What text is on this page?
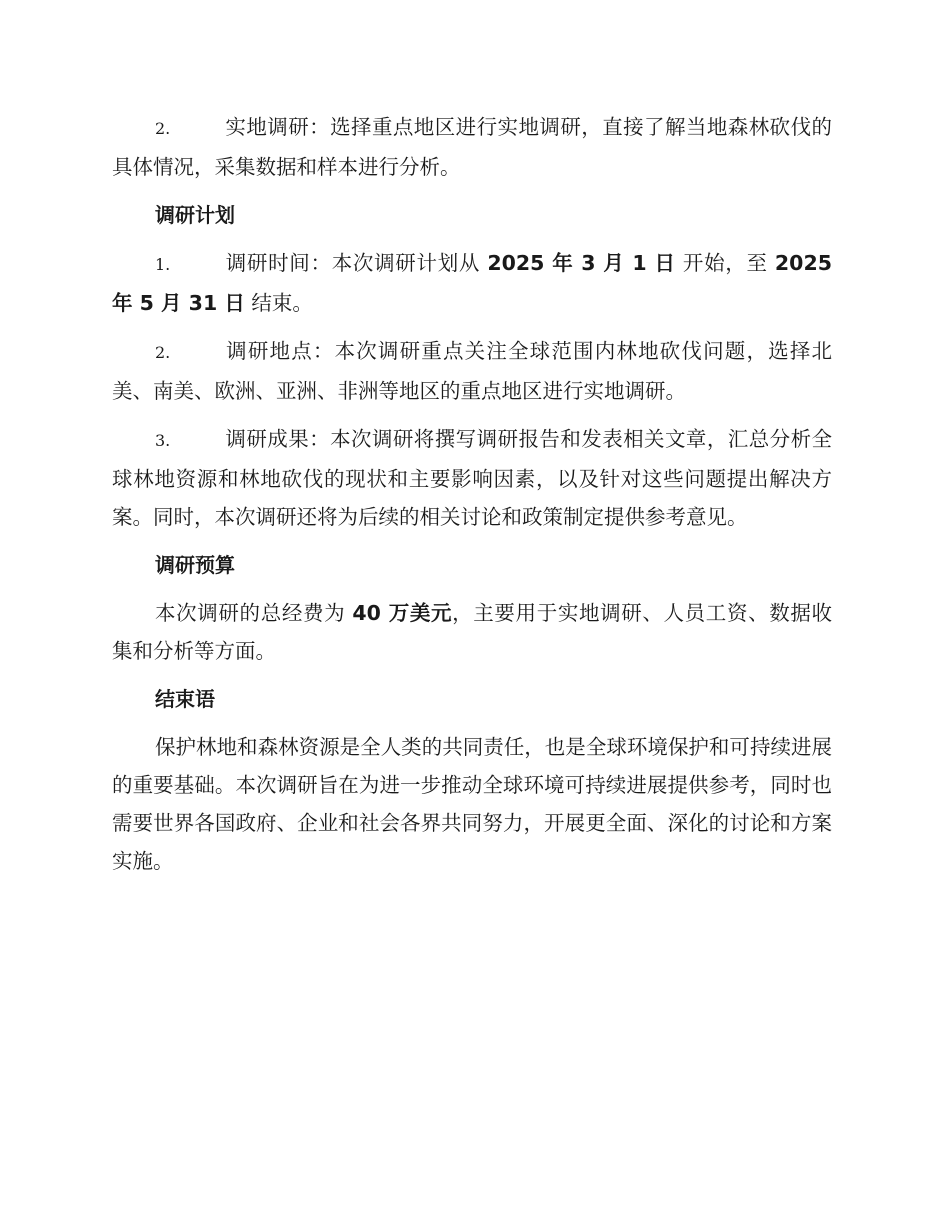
2.	实地调研：选择重点地区进行实地调研，直接了解当地森林砍伐的具体情况，采集数据和样本进行分析。

调研计划

1.	调研时间：本次调研计划从 2025 年 3 月 1 日 开始，至 2025 年 5 月 31 日 结束。

2.	调研地点：本次调研重点关注全球范围内林地砍伐问题，选择北美、南美、欧洲、亚洲、非洲等地区的重点地区进行实地调研。

3.	调研成果：本次调研将撰写调研报告和发表相关文章，汇总分析全球林地资源和林地砍伐的现状和主要影响因素，以及针对这些问题提出解决方案。同时，本次调研还将为后续的相关讨论和政策制定提供参考意见。

调研预算

本次调研的总经费为 40 万美元，主要用于实地调研、人员工资、数据收集和分析等方面。

结束语

保护林地和森林资源是全人类的共同责任，也是全球环境保护和可持续进展的重要基础。本次调研旨在为进一步推动全球环境可持续进展提供参考，同时也需要世界各国政府、企业和社会各界共同努力，开展更全面、深化的讨论和方案实施。
